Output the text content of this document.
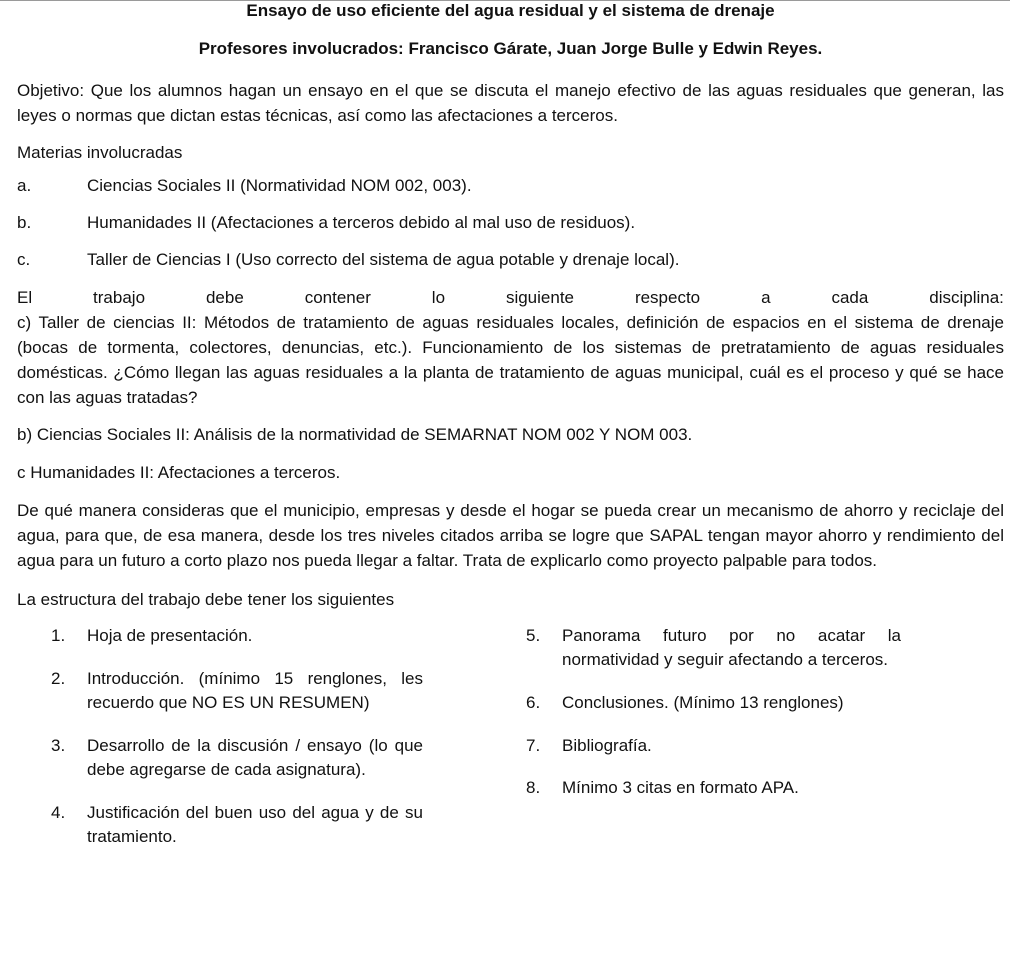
Ensayo de uso eficiente del agua residual y el sistema de drenaje

Profesores involucrados: Francisco Gárate, Juan Jorge Bulle y Edwin Reyes.

Objetivo: Que los alumnos hagan un ensayo en el que se discuta el manejo efectivo de las aguas residuales que generan, las leyes o normas que dictan estas técnicas, así como las afectaciones a terceros.

Materias involucradas

a.	Ciencias Sociales II (Normatividad NOM 002, 003).
b.	Humanidades II (Afectaciones a terceros debido al mal uso de residuos).
c.	Taller de Ciencias I (Uso correcto del sistema de agua potable y drenaje local).
El	trabajo	debe	contener	lo	siguiente	respecto	a	cada	disciplina:

c) Taller de ciencias II: Métodos de tratamiento de aguas residuales locales, definición de espacios en el sistema de drenaje (bocas de tormenta, colectores, denuncias, etc.). Funcionamiento de los sistemas de pretratamiento de aguas residuales domésticas. ¿Cómo llegan las aguas residuales a la planta de tratamiento de aguas municipal, cuál es el proceso y qué se hace con las aguas tratadas?

b) Ciencias Sociales II: Análisis de la normatividad de SEMARNAT NOM 002 Y NOM 003.

c Humanidades II: Afectaciones a terceros.

De qué manera consideras que el municipio, empresas y desde el hogar se pueda crear un mecanismo de ahorro y reciclaje del agua, para que, de esa manera, desde los tres niveles citados arriba se logre que SAPAL tengan mayor ahorro y rendimiento del agua para un futuro a corto plazo nos pueda llegar a faltar. Trata de explicarlo como proyecto palpable para todos.

La estructura del trabajo debe tener los siguientes

1.	Hoja de presentación.
2.	Introducción. (mínimo 15 renglones, les recuerdo que NO ES UN RESUMEN)
3.	Desarrollo de la discusión / ensayo (lo que debe agregarse de cada asignatura).
4.	Justificación del buen uso del agua y de su tratamiento.
5.	Panorama futuro por no acatar la normatividad y seguir afectando a terceros.
6.	Conclusiones. (Mínimo 13 renglones)
7.	Bibliografía.
8.	Mínimo 3 citas en formato APA.
